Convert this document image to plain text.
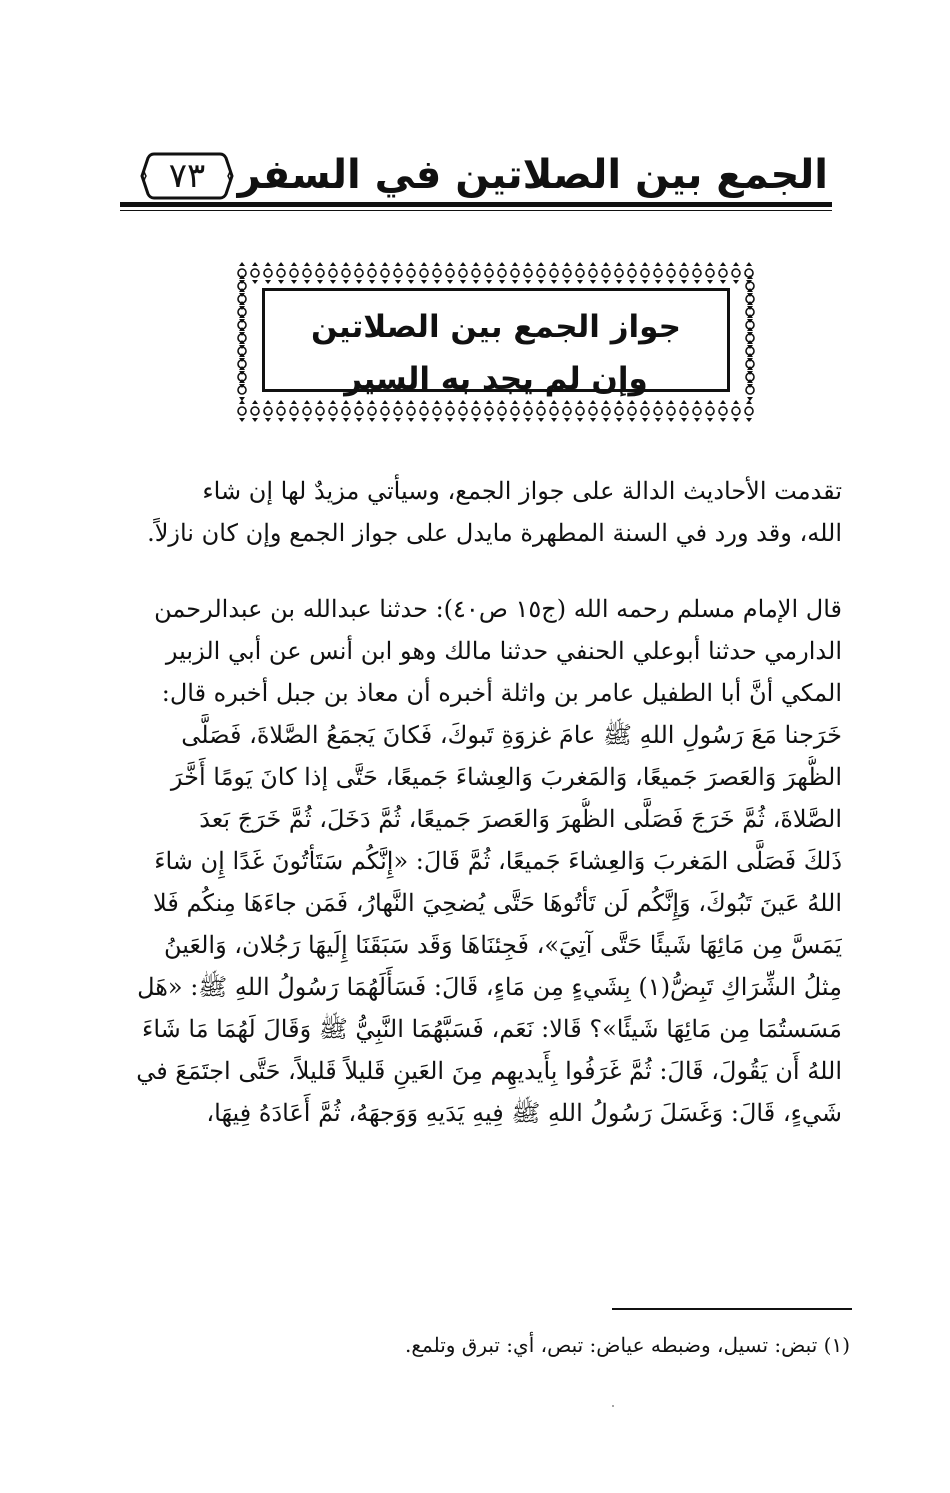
الجمع بين الصلاتين في السفر
٧٣
جواز الجمع بين الصلاتين
وإن لم يجد به السير
تقدمت الأحاديث الدالة على جواز الجمع، وسيأتي مزيدٌ لها إن شاء
الله، وقد ورد في السنة المطهرة مايدل على جواز الجمع وإن كان نازلاً.
قال الإمام مسلم رحمه الله (ج١٥ ص٤٠): حدثنا عبدالله بن عبدالرحمن
الدارمي حدثنا أبوعلي الحنفي حدثنا مالك وهو ابن أنس عن أبي الزبير
المكي أنَّ أبا الطفيل عامر بن واثلة أخبره أن معاذ بن جبل أخبره قال:
خَرَجنا مَعَ رَسُولِ اللهِ ﷺ عامَ غزوَةِ تَبوكَ، فَكانَ يَجمَعُ الصَّلاةَ، فَصَلَّى
الظُّهرَ وَالعَصرَ جَميعًا، وَالمَغربَ وَالعِشاءَ جَميعًا، حَتَّى إذا كانَ يَومًا أَخَّرَ
الصَّلاةَ، ثُمَّ خَرَجَ فَصَلَّى الظُّهرَ وَالعَصرَ جَميعًا، ثُمَّ دَخَلَ، ثُمَّ خَرَجَ بَعدَ
ذَلكَ فَصَلَّى المَغربَ وَالعِشاءَ جَميعًا، ثُمَّ قَالَ: «إِنَّكُم سَتَأتُونَ غَدًا إِن شاءَ
اللهُ عَينَ تَبُوكَ، وَإِنَّكُم لَن تَأتُوهَا حَتَّى يُضحِيَ النَّهارُ، فَمَن جاءَهَا مِنكُم فَلا
يَمَسَّ مِن مَائِهَا شَيئًا حَتَّى آتِيَ»، فَجِئنَاهَا وَقَد سَبَقَنَا إِلَيهَا رَجُلان، وَالعَينُ
مِثلُ الشِّرَاكِ تَبِضُّ(١) بِشَيءٍ مِن مَاءٍ، قَالَ: فَسَأَلَهُمَا رَسُولُ اللهِ ﷺ: «هَل
مَسَستُمَا مِن مَائِهَا شَيئًا»؟ قَالا: نَعَم، فَسَبَّهُمَا النَّبِيُّ ﷺ وَقَالَ لَهُمَا مَا شَاءَ
اللهُ أَن يَقُولَ، قَالَ: ثُمَّ غَرَفُوا بِأَيديهِم مِنَ العَينِ قَليلاً قَليلاً، حَتَّى اجتَمَعَ في
شَيءٍ، قَالَ: وَغَسَلَ رَسُولُ اللهِ ﷺ فِيهِ يَدَيهِ وَوَجهَهُ، ثُمَّ أَعَادَهُ فِيهَا،
(١) تبض: تسيل، وضبطه عياض: تبص، أي: تبرق وتلمع.
